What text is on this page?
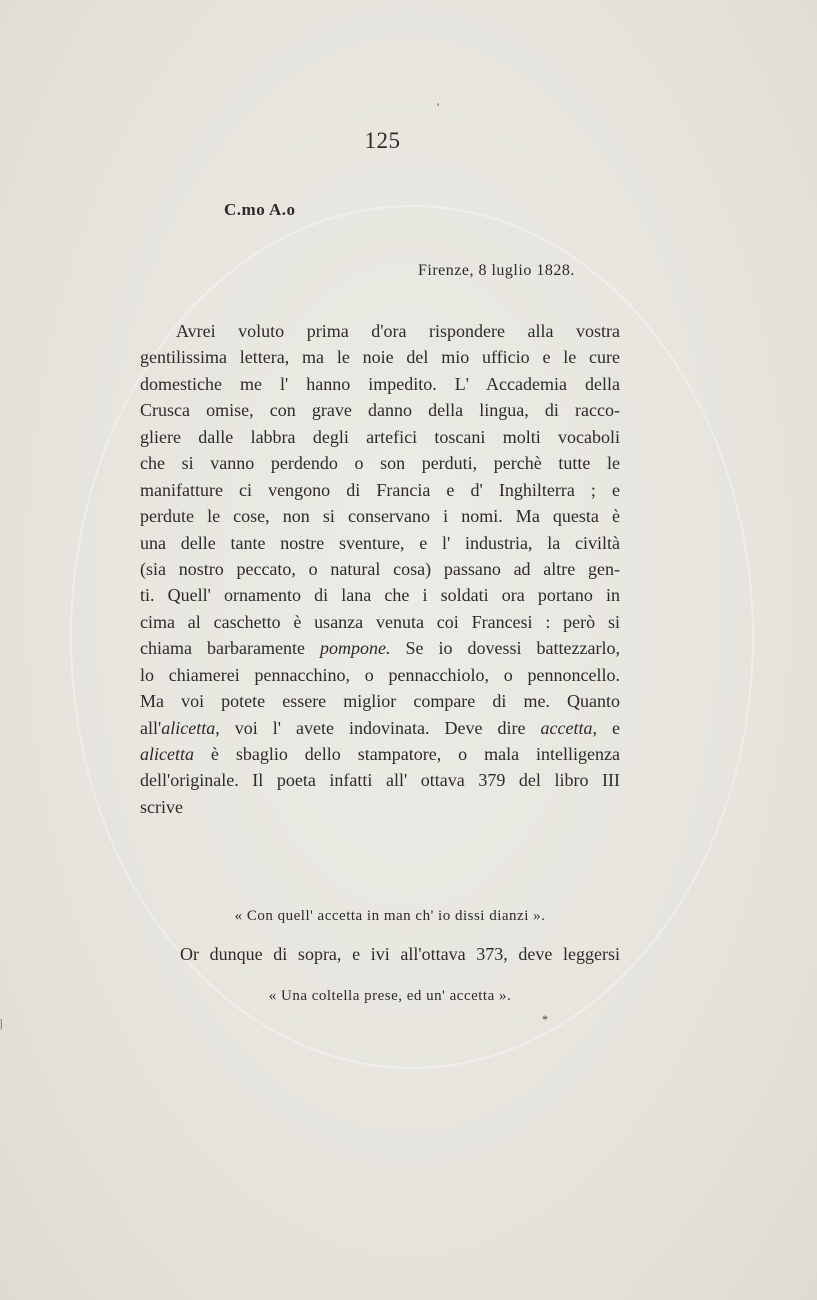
125
C.mo A.o
Firenze, 8 luglio 1828.
Avrei voluto prima d'ora rispondere alla vostra
gentilissima lettera, ma le noie del mio ufficio e le cure
domestiche me l' hanno impedito. L' Accademia della
Crusca omise, con grave danno della lingua, di racco-
gliere dalle labbra degli artefici toscani molti vocaboli
che si vanno perdendo o son perduti, perchè tutte le
manifatture ci vengono di Francia e d' Inghilterra ; e
perdute le cose, non si conservano i nomi. Ma questa è
una delle tante nostre sventure, e l' industria, la civiltà
(sia nostro peccato, o natural cosa) passano ad altre gen-
ti. Quell' ornamento di lana che i soldati ora portano in
cima al caschetto è usanza venuta coi Francesi : però si
chiama barbaramente pompone. Se io dovessi battezzarlo,
lo chiamerei pennacchino, o pennacchiolo, o pennoncello.
Ma voi potete essere miglior compare di me. Quanto
all'alicetta, voi l' avete indovinata. Deve dire accetta, e
alicetta è sbaglio dello stampatore, o mala intelligenza
dell'originale. Il poeta infatti all' ottava 379 del libro III
scrive
« Con quell' accetta in man ch' io dissi dianzi ».
Or dunque di sopra, e ivi all'ottava 373, deve leggersi
« Una coltella prese, ed un' accetta ».
'
*
|
